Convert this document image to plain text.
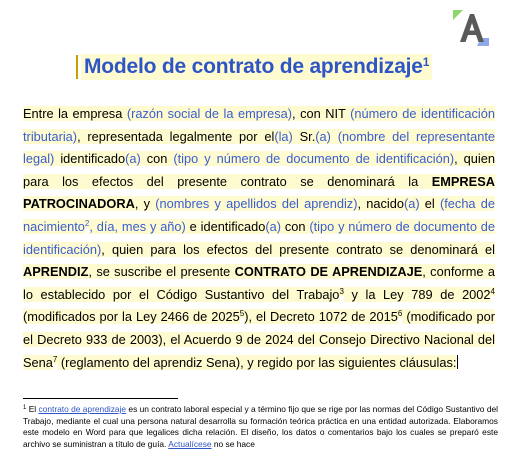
Modelo de contrato de aprendizaje$^1$
Entre la empresa (razón social de la empresa), con NIT (número de identificación tributaria), representada legalmente por el(la) Sr.(a) (nombre del representante legal) identificado(a) con (tipo y número de documento de identificación), quien para los efectos del presente contrato se denominará la EMPRESA PATROCINADORA, y (nombres y apellidos del aprendiz), nacido(a) el (fecha de nacimiento$^2$, día, mes y año) e identificado(a) con (tipo y número de documento de identificación), quien para los efectos del presente contrato se denominará el APRENDIZ, se suscribe el presente CONTRATO DE APRENDIZAJE, conforme a lo establecido por el Código Sustantivo del Trabajo$^3$ y la Ley 789 de 2002$^4$ (modificados por la Ley 2466 de 2025$^5$), el Decreto 1072 de 2015$^6$ (modificado por el Decreto 933 de 2003), el Acuerdo 9 de 2024 del Consejo Directivo Nacional del Sena$^7$ (reglamento del aprendiz Sena), y regido por las siguientes cláusulas:
$^1$ El contrato de aprendizaje es un contrato laboral especial y a término fijo que se rige por las normas del Código Sustantivo del Trabajo, mediante el cual una persona natural desarrolla su formación teórica práctica en una entidad autorizada. Elaboramos este modelo en Word para que legalices dicha relación. El diseño, los datos o comentarios bajo los cuales se preparó este archivo se suministran a título de guía. Actualícese no se hace
